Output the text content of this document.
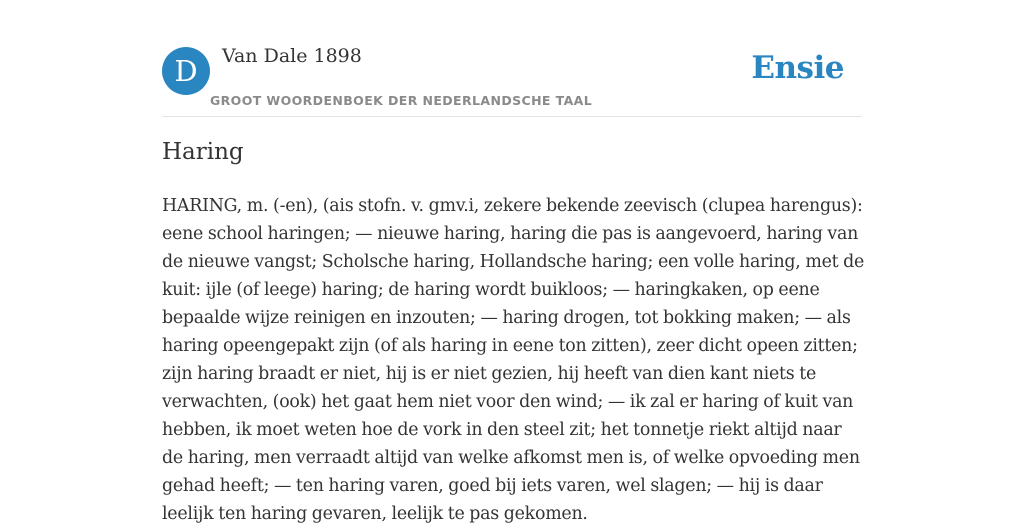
D	Van Dale 1898
GROOT WOORDENBOEK DER NEDERLANDSCHE TAAL
Ensie
Haring

HARING, m. (-en), (ais stofn. v. gmv.i, zekere bekende zeevisch (clupea harengus): eene school haringen; — nieuwe haring, haring die pas is aangevoerd, haring van de nieuwe vangst; Scholsche haring, Hollandsche haring; een volle haring, met de kuit: ijle (of leege) haring; de haring wordt buikloos; — haringkaken, op eene bepaalde wijze reinigen en inzouten; — haring drogen, tot bokking maken; — als haring opeengepakt zijn (of als haring in eene ton zitten), zeer dicht opeen zitten; zijn haring braadt er niet, hij is er niet gezien, hij heeft van dien kant niets te verwachten, (ook) het gaat hem niet voor den wind; — ik zal er haring of kuit van hebben, ik moet weten hoe de vork in den steel zit; het tonnetje riekt altijd naar de haring, men verraadt altijd van welke afkomst men is, of welke opvoeding men gehad heeft; — ten haring varen, goed bij iets varen, wel slagen; — hij is daar leelijk ten haring gevaren, leelijk te pas gekomen.
